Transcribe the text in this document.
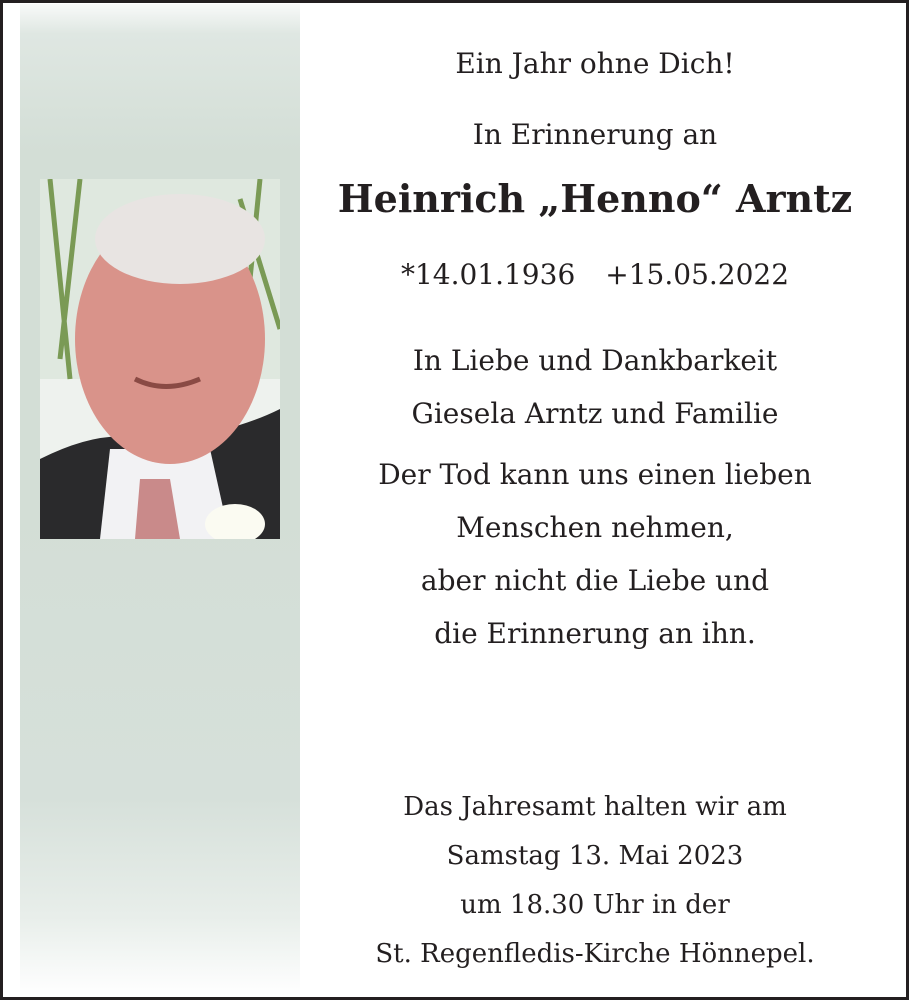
Ein Jahr ohne Dich!
In Erinnerung an
Heinrich „Henno“ Arntz
*14.01.1936 +15.05.2022
In Liebe und Dankbarkeit
Giesela Arntz und Familie
Der Tod kann uns einen lieben
Menschen nehmen,
aber nicht die Liebe und
die Erinnerung an ihn.
Das Jahresamt halten wir am
Samstag 13. Mai 2023
um 18.30 Uhr in der
St. Regenfledis-Kirche Hönnepel.
